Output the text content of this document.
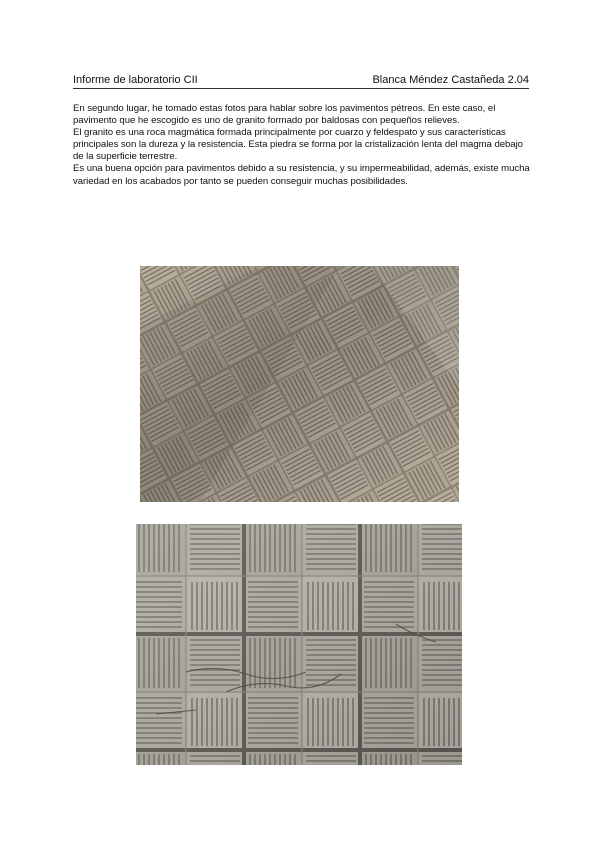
Informe de laboratorio CII	Blanca Méndez Castañeda 2.04

En segundo lugar, he tomado estas fotos para hablar sobre los pavimentos pétreos. En este caso, el pavimento que he escogido es uno de granito formado por baldosas con pequeños relieves.

El granito es una roca magmática formada principalmente por cuarzo y feldespato y sus características principales son la dureza y la resistencia. Esta piedra se forma por la cristalización lenta del magma debajo de la superficie terrestre.

Es una buena opción para pavimentos debido a su resistencia, y su impermeabilidad, además, existe mucha variedad en los acabados por tanto se pueden conseguir muchas posibilidades.
